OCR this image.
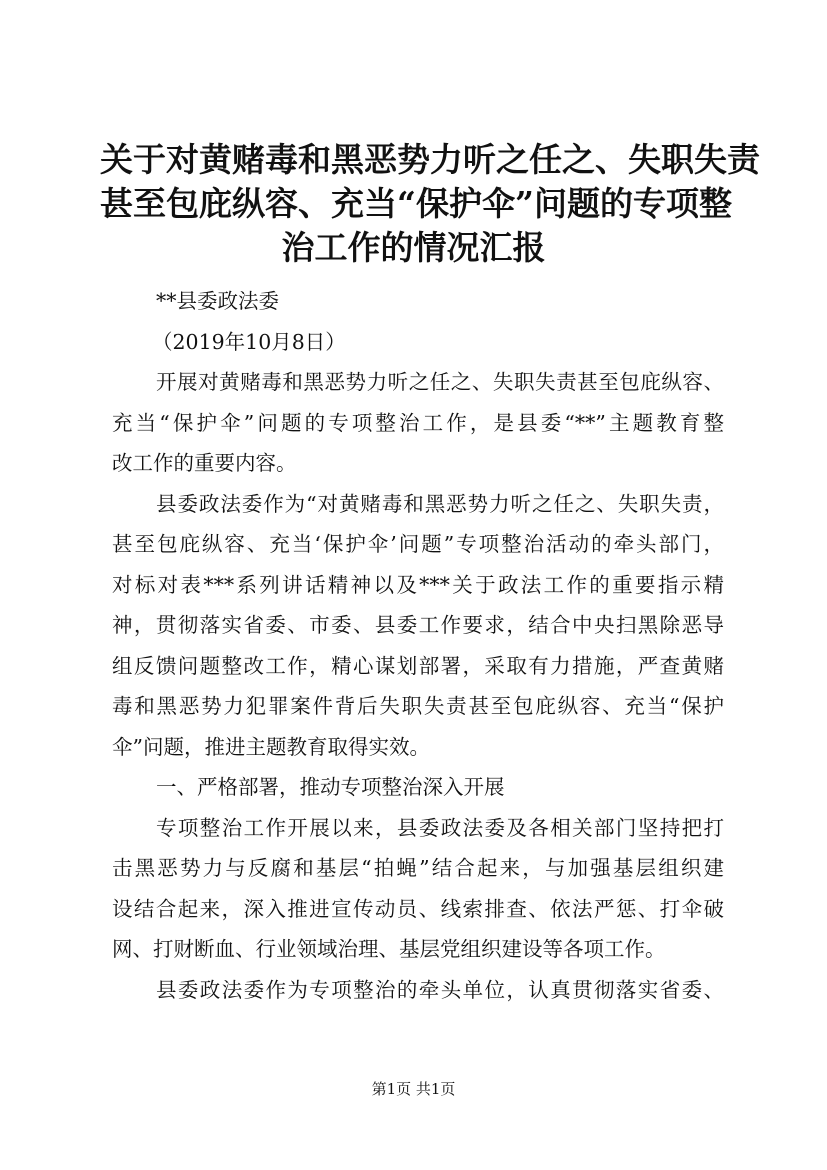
关于对黄赌毒和黑恶势力听之任之、失职失责
甚至包庇纵容、充当“保护伞”问题的专项整
治工作的情况汇报
**县委政法委
（2019年10月8日）
开展对黄赌毒和黑恶势力听之任之、失职失责甚至包庇纵容、
充当“保护伞”问题的专项整治工作，是县委“**”主题教育整
改工作的重要内容。
县委政法委作为“对黄赌毒和黑恶势力听之任之、失职失责，
甚至包庇纵容、充当‘保护伞’问题”专项整治活动的牵头部门，
对标对表***系列讲话精神以及***关于政法工作的重要指示精
神，贯彻落实省委、市委、县委工作要求，结合中央扫黑除恶导
组反馈问题整改工作，精心谋划部署，采取有力措施，严查黄赌
毒和黑恶势力犯罪案件背后失职失责甚至包庇纵容、充当“保护
伞”问题，推进主题教育取得实效。
一、严格部署，推动专项整治深入开展
专项整治工作开展以来，县委政法委及各相关部门坚持把打
击黑恶势力与反腐和基层“拍蝇”结合起来，与加强基层组织建
设结合起来，深入推进宣传动员、线索排查、依法严惩、打伞破
网、打财断血、行业领域治理、基层党组织建设等各项工作。
县委政法委作为专项整治的牵头单位，认真贯彻落实省委、
第1页 共1页
